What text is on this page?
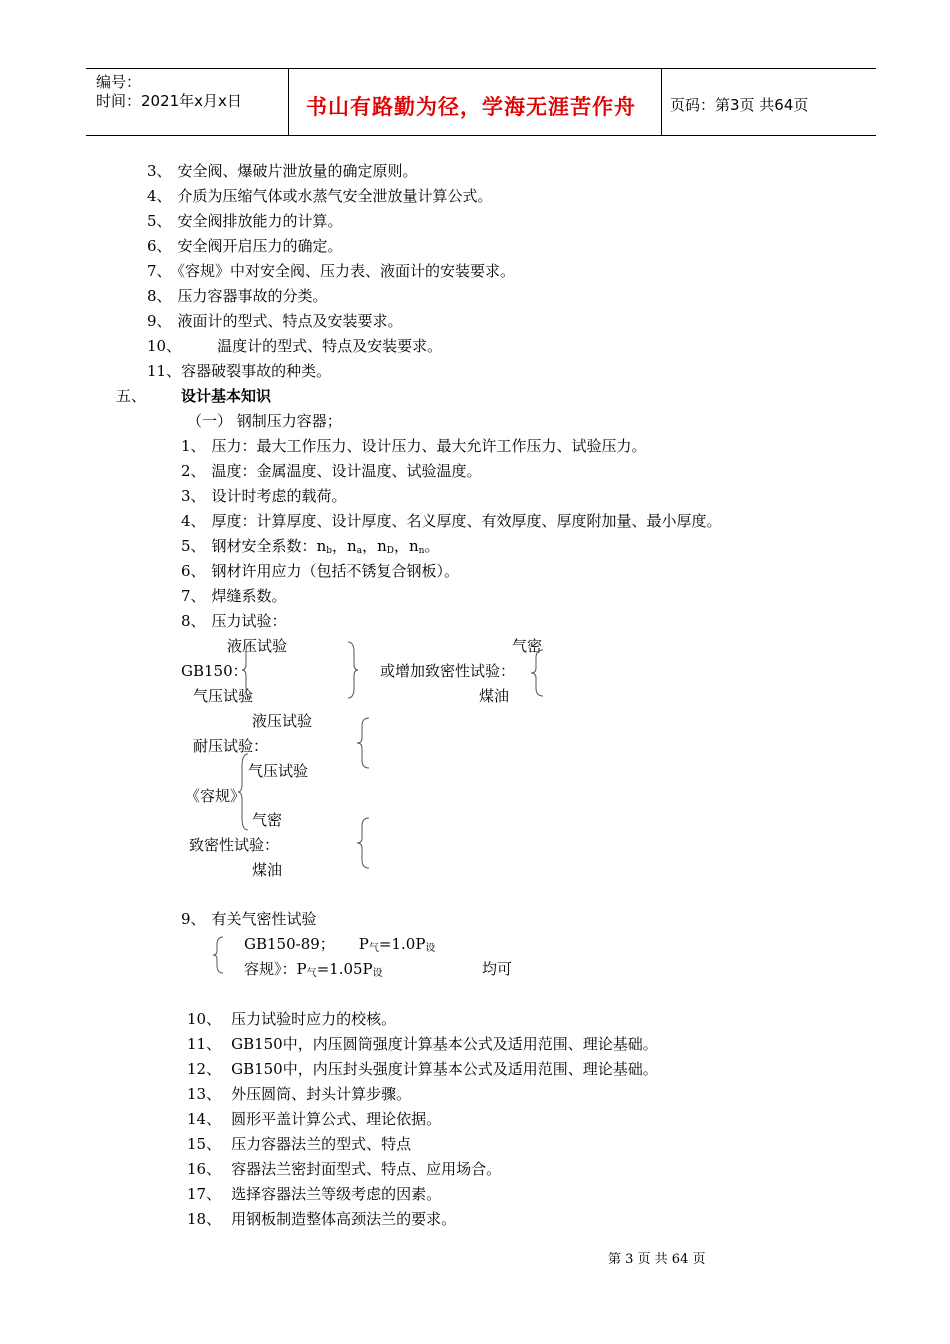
编号：
时间：2021年x月x日	书山有路勤为径，学海无涯苦作舟 页码：第3页 共64页
3、 安全阀、爆破片泄放量的确定原则。
4、 介质为压缩气体或水蒸气安全泄放量计算公式。
5、 安全阀排放能力的计算。
6、 安全阀开启压力的确定。
7、 《容规》中对安全阀、压力表、液面计的安装要求。
8、 压力容器事故的分类。
9、 液面计的型式、特点及安装要求。
10、 温度计的型式、特点及安装要求。
11、容器破裂事故的种类。
五、 设计基本知识
（一） 钢制压力容器；
1、 压力：最大工作压力、设计压力、最大允许工作压力、试验压力。
2、 温度：金属温度、设计温度、试验温度。
3、 设计时考虑的载荷。
4、 厚度：计算厚度、设计厚度、名义厚度、有效厚度、厚度附加量、最小厚度。
5、 钢材安全系数：$n_b$，$n_a$，$n_D$，$n_n$。
6、 钢材许用应力（包括不锈复合钢板）。
7、 焊缝系数。
8、 压力试验：
液压试验
GB150：
气压试验
或增加致密性试验：
气密
煤油
液压试验
耐压试验：
气压试验
《容规》
气密
致密性试验：
煤油
9、 有关气密性试验
GB150-89； $P_气=1.0P_设$
容规》：$P_气=1.05P_设$	均可
10、 压力试验时应力的校核。
11、 GB150中，内压圆筒强度计算基本公式及适用范围、理论基础。
12、 GB150中，内压封头强度计算基本公式及适用范围、理论基础。
13、 外压圆筒、封头计算步骤。
14、 圆形平盖计算公式、理论依据。
15、 压力容器法兰的型式、特点
16、 容器法兰密封面型式、特点、应用场合。
17、 选择容器法兰等级考虑的因素。
18、 用钢板制造整体高颈法兰的要求。
第 3 页 共 64 页
